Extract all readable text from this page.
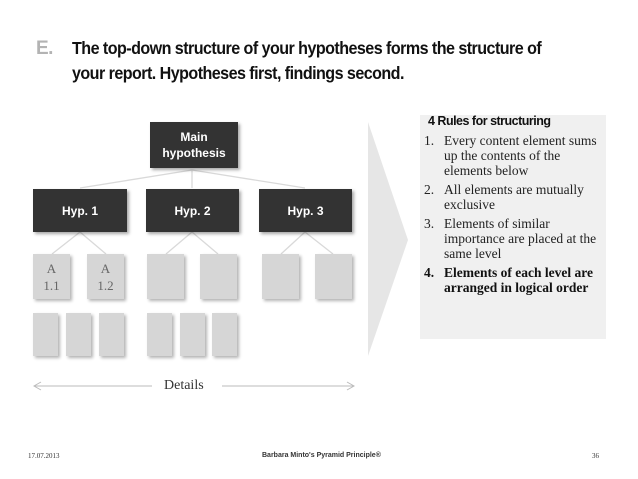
E. The top-down structure of your hypotheses forms the structure of your report. Hypotheses first, findings second.
Main hypothesis
Hyp. 1	Hyp. 2	Hyp. 3
A
1.1
A
1.2
Details
4 Rules for structuring
1. Every content element sums up the contents of the elements below
2. All elements are mutually exclusive
3. Elements of similar importance are placed at the same level
4. Elements of each level are arranged in logical order
17.07.2013	Barbara Minto's Pyramid Principle®	36
